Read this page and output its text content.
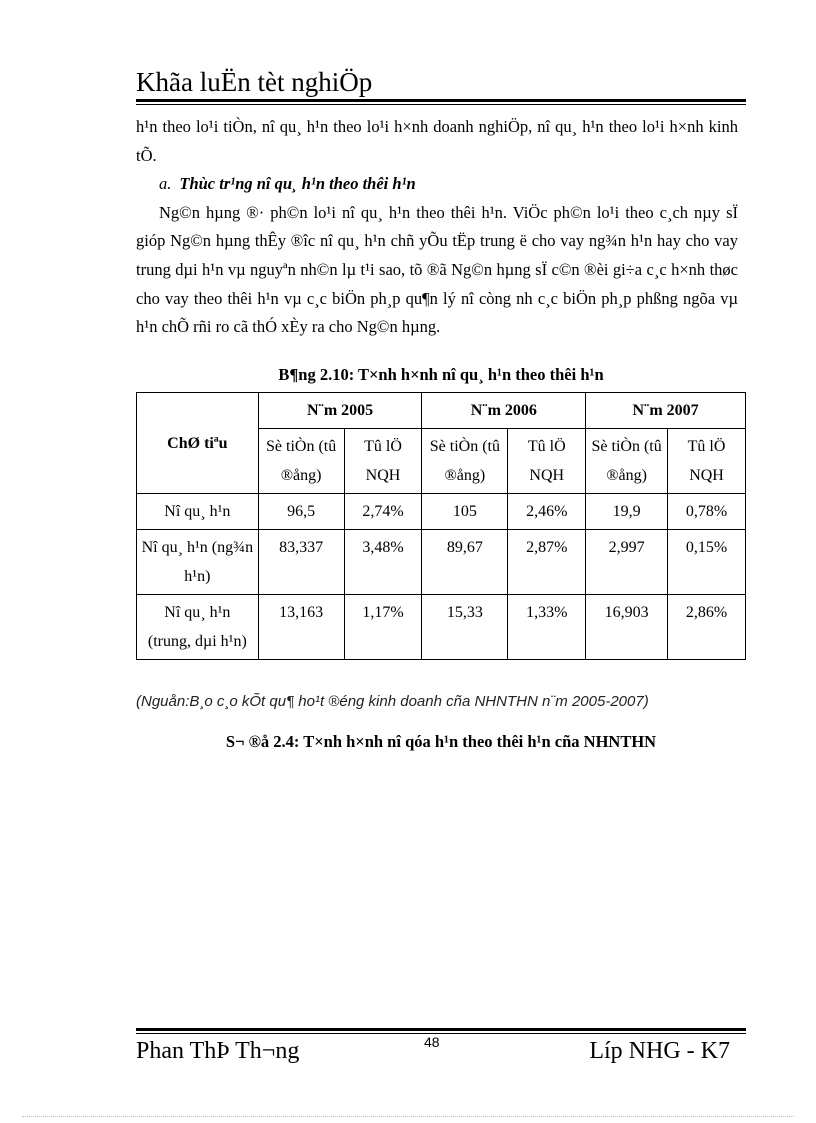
Khãa luËn tèt nghiÖp

h¹n theo lo¹i tiÒn, nî qu¸ h¹n theo lo¹i h×nh doanh nghiÖp, nî qu¸ h¹n theo lo¹i h×nh kinh tÕ.

a. Thùc tr¹ng nî qu¸ h¹n theo thêi h¹n

Ng©n hµng ®· ph©n lo¹i nî qu¸ h¹n theo thêi h¹n. ViÖc ph©n lo¹i theo c¸ch nµy sÏ gióp Ng©n hµng thÊy ®îc nî qu¸ h¹n chñ yÕu tËp trung ë cho vay ng¾n h¹n hay cho vay trung dµi h¹n vµ nguyªn nh©n lµ t¹i sao, tõ ®ã Ng©n hµng sÏ c©n ®èi gi÷a c¸c h×nh thøc cho vay theo thêi h¹n vµ c¸c biÖn ph¸p qu¶n lý nî còng nh c¸c biÖn ph¸p phßng ngõa vµ h¹n chÕ rñi ro cã thÓ xÈy ra cho Ng©n hµng.

B¶ng 2.10: T×nh h×nh nî qu¸ h¹n theo thêi h¹n
ChØ tiªu	N¨m 2005		N¨m 2006		N¨m 2007	
	Sè tiÒn (tû ®ång)	Tû lÖ NQH	Sè tiÒn (tû ®ång)	Tû lÖ NQH	Sè tiÒn (tû ®ång)	Tû lÖ NQH
Nî qu¸ h¹n	96,5	2,74%	105	2,46%	19,9	0,78%
Nî qu¸ h¹n (ng¾n h¹n)	83,337	3,48%	89,67	2,87%	2,997	0,15%
Nî qu¸ h¹n (trung, dµi h¹n)	13,163	1,17%	15,33	1,33%	16,903	2,86%
(Nguån:B¸o c¸o kÕt qu¶ ho¹t ®éng kinh doanh cña NHNTHN n¨m 2005-2007)
S¬ ®å 2.4: T×nh h×nh nî qóa h¹n theo thêi h¹n cña NHNTHN
Phan ThÞ Th¬ng	48	Líp NHG - K7
